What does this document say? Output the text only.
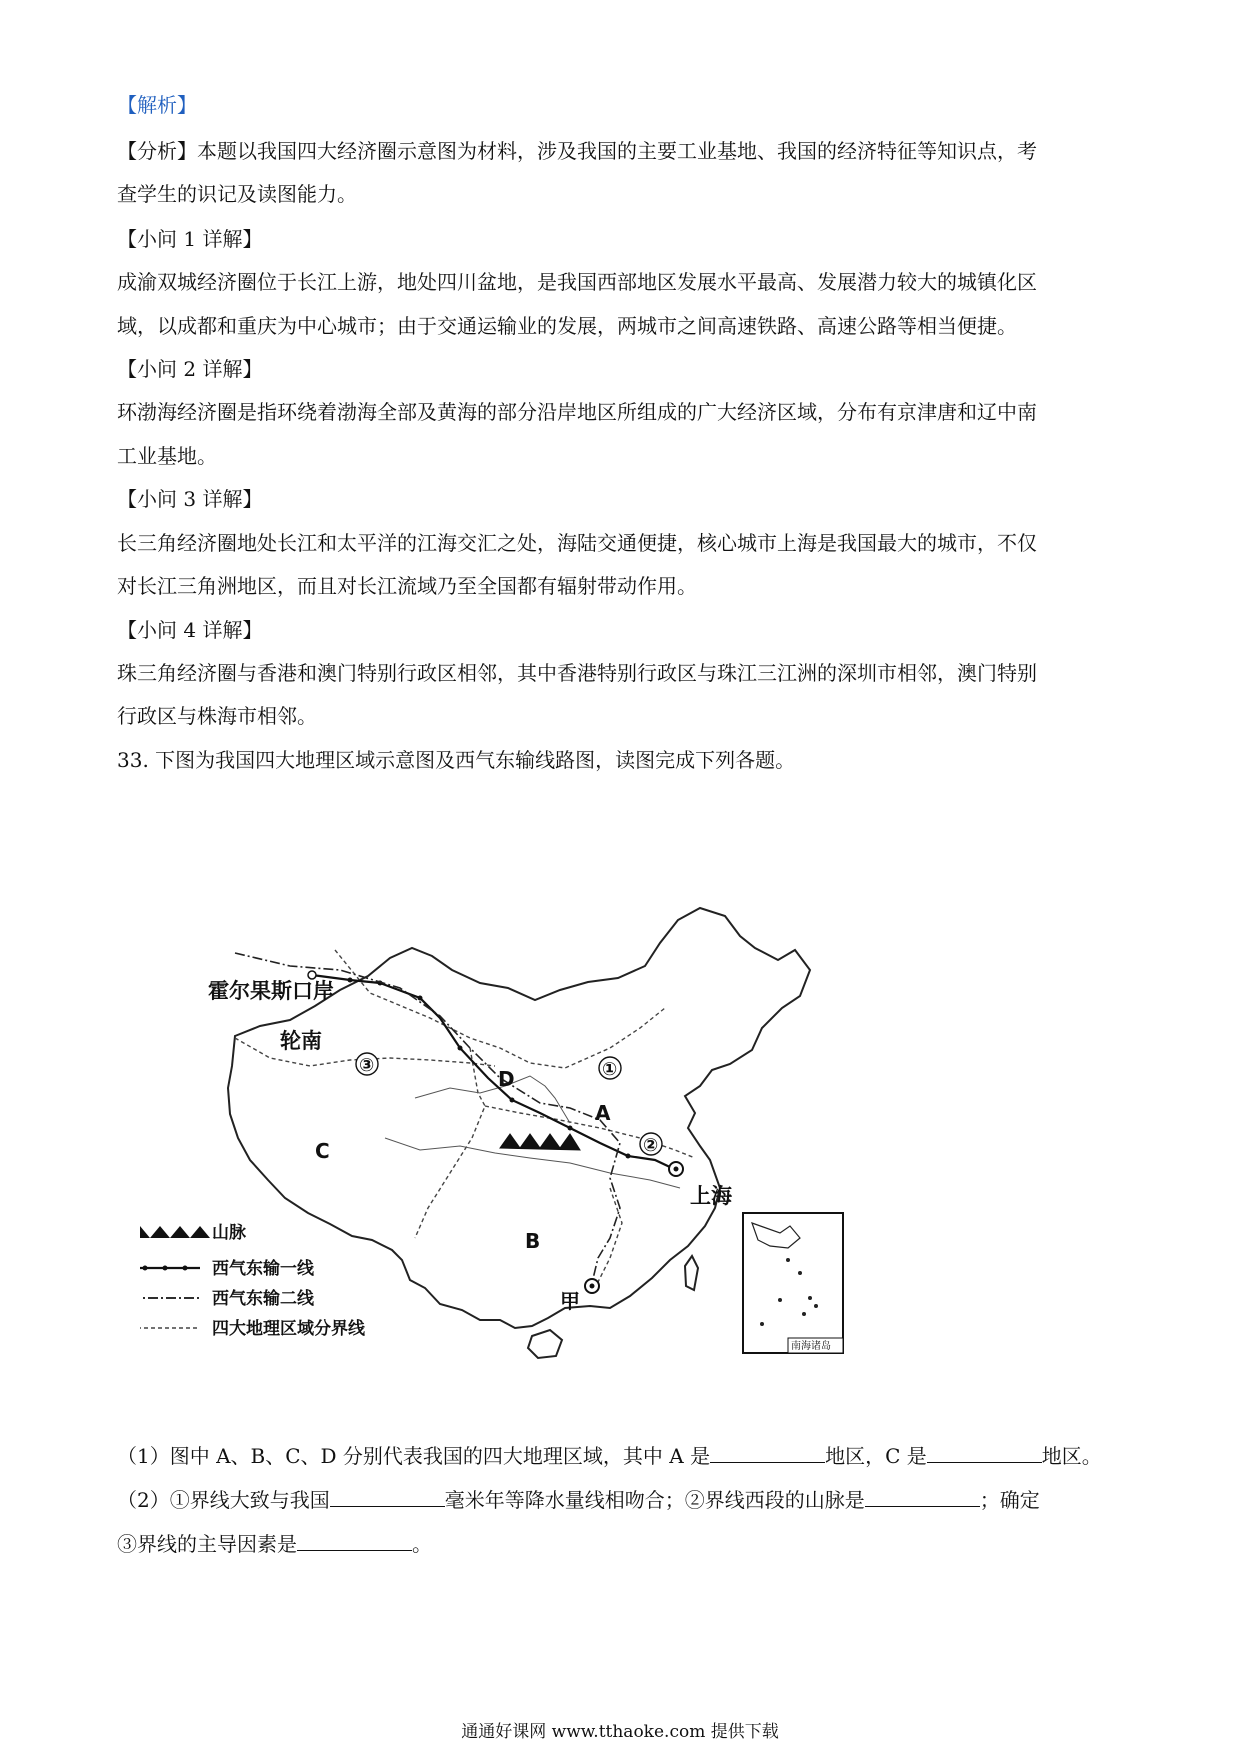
【解析】
【分析】本题以我国四大经济圈示意图为材料，涉及我国的主要工业基地、我国的经济特征等知识点，考
查学生的识记及读图能力。
【小问 1 详解】
成渝双城经济圈位于长江上游，地处四川盆地，是我国西部地区发展水平最高、发展潜力较大的城镇化区
域，以成都和重庆为中心城市；由于交通运输业的发展，两城市之间高速铁路、高速公路等相当便捷。
【小问 2 详解】
环渤海经济圈是指环绕着渤海全部及黄海的部分沿岸地区所组成的广大经济区域，分布有京津唐和辽中南
工业基地。
【小问 3 详解】
长三角经济圈地处长江和太平洋的江海交汇之处，海陆交通便捷，核心城市上海是我国最大的城市，不仅
对长江三角洲地区，而且对长江流域乃至全国都有辐射带动作用。
【小问 4 详解】
珠三角经济圈与香港和澳门特别行政区相邻，其中香港特别行政区与珠江三江洲的深圳市相邻，澳门特别
行政区与株海市相邻。
33. 下图为我国四大地理区域示意图及西气东输线路图，读图完成下列各题。
①
②
③
D
A
C
B
霍尔果斯口岸
轮南
上海
甲
南海诸岛
山脉
西气东输一线
西气东输二线
四大地理区域分界线
（1）图中 A、B、C、D 分别代表我国的四大地理区域，其中 A 是	地区，C 是	地区。
（2）①界线大致与我国	毫米年等降水量线相吻合；②界线西段的山脉是	；确定
③界线的主导因素是	。
通通好课网 www.tthaoke.com 提供下载
